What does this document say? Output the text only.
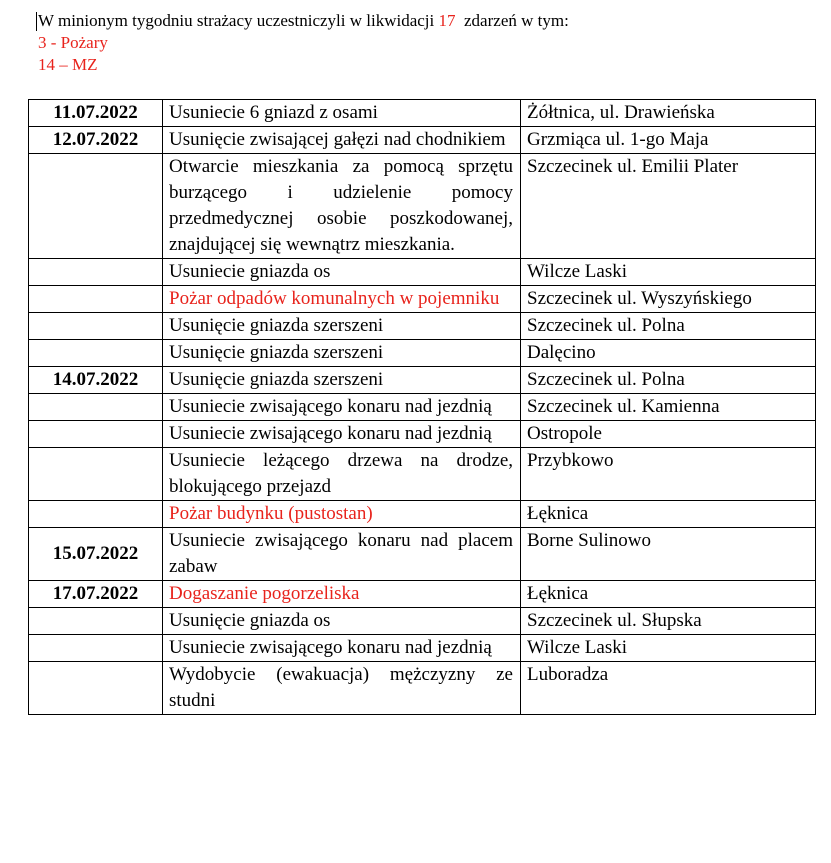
W minionym tygodniu strażacy uczestniczyli w likwidacji 17  zdarzeń w tym:
3 - Pożary
14 – MZ
11.07.2022	Usuniecie 6 gniazd z osami	Żółtnica, ul. Drawieńska
12.07.2022	Usunięcie zwisającej gałęzi nad chodnikiem	Grzmiąca ul. 1-go Maja
	Otwarcie mieszkania za pomocą sprzętu burzącego i udzielenie pomocy przedmedycznej osobie poszkodowanej, znajdującej się wewnątrz mieszkania.	Szczecinek ul. Emilii Plater
	Usuniecie gniazda os	Wilcze Laski
	Pożar odpadów komunalnych w pojemniku	Szczecinek ul. Wyszyńskiego
	Usunięcie gniazda szerszeni	Szczecinek ul. Polna
	Usunięcie gniazda szerszeni	Dalęcino
14.07.2022	Usunięcie gniazda szerszeni	Szczecinek ul. Polna
	Usuniecie zwisającego konaru nad jezdnią	Szczecinek ul. Kamienna
	Usuniecie zwisającego konaru nad jezdnią	Ostropole
	Usuniecie leżącego drzewa na drodze, blokującego przejazd	Przybkowo
	Pożar budynku (pustostan)	Łęknica
15.07.2022	Usuniecie zwisającego konaru nad placem zabaw	Borne Sulinowo
17.07.2022	Dogaszanie pogorzeliska	Łęknica
	Usunięcie gniazda os	Szczecinek ul. Słupska
	Usuniecie zwisającego konaru nad jezdnią	Wilcze Laski
	Wydobycie (ewakuacja) mężczyzny ze studni	Luboradza
